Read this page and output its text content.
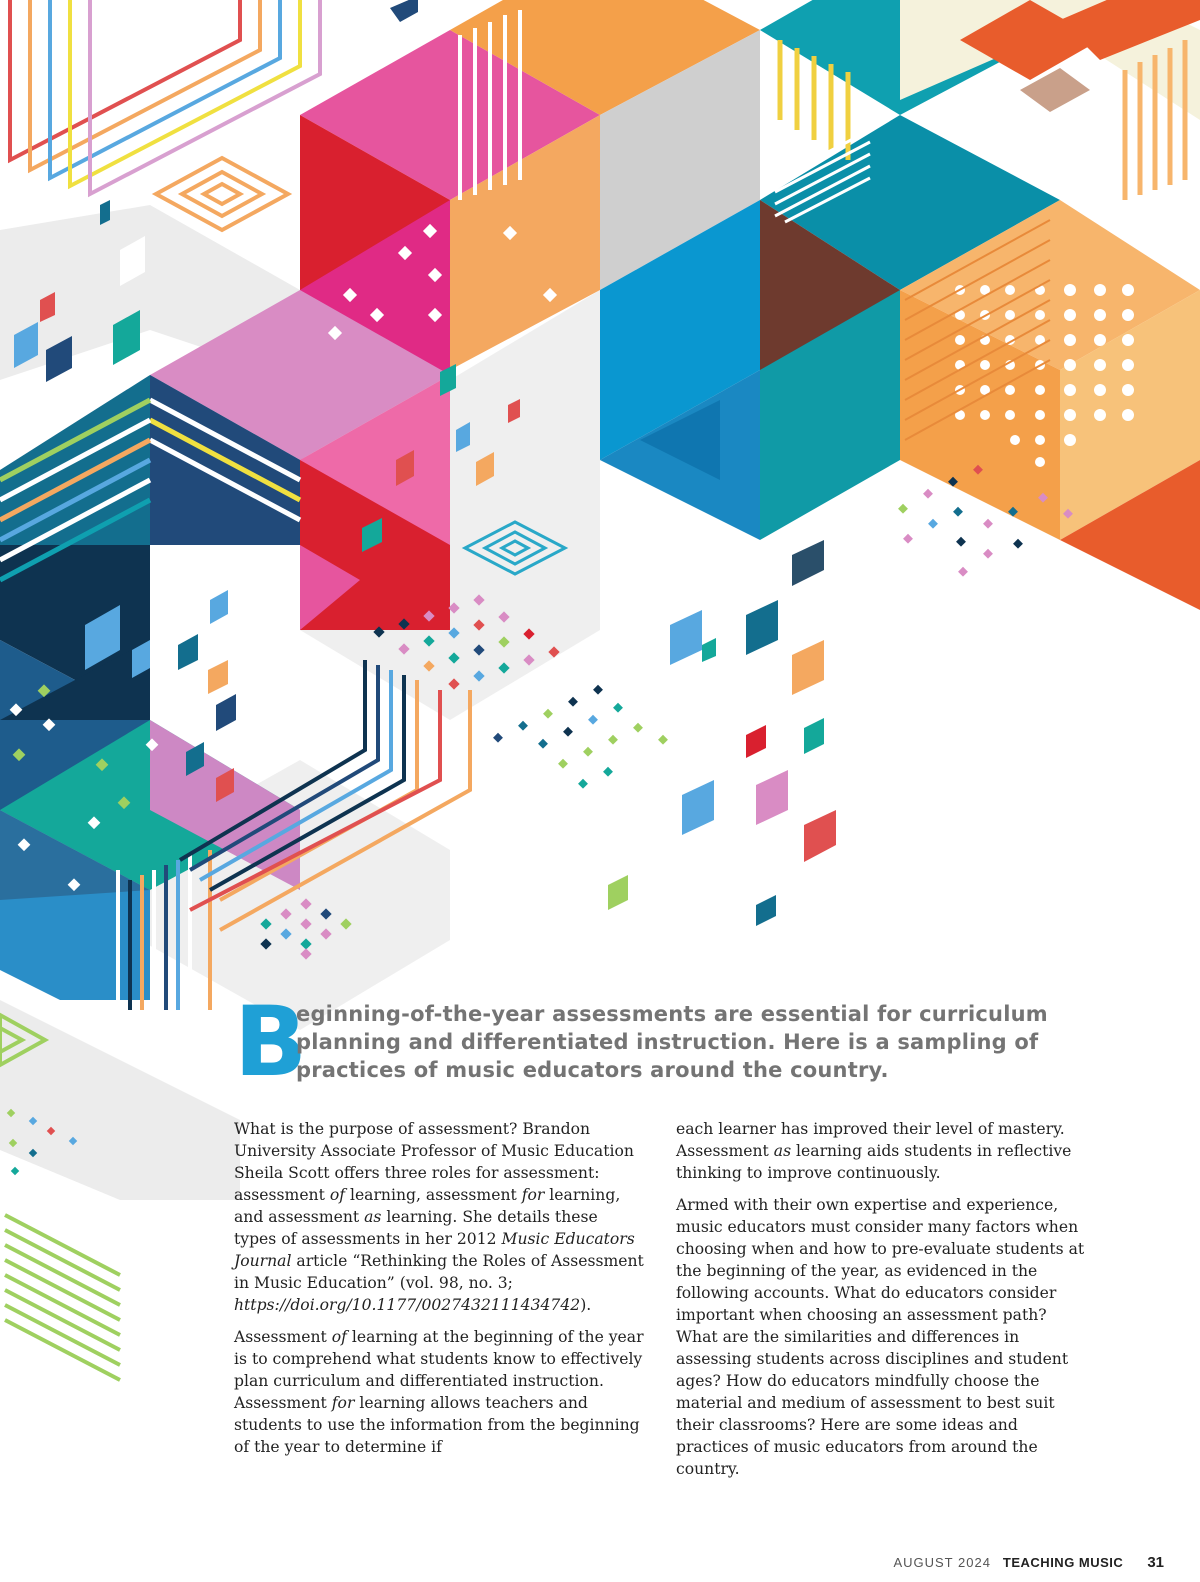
B
eginning-of-the-year assessments are essential for curriculum planning and differentiated instruction. Here is a sampling of practices of music educators around the country.

What is the purpose of assessment? Brandon University Associate Professor of Music Education Sheila Scott offers three roles for assessment: assessment of learning, assessment for learning, and assessment as learning. She details these types of assessments in her 2012 Music Educators Journal article “Rethinking the Roles of Assessment in Music Education” (vol. 98, no. 3; https://doi.org/10.1177/0027432111434742).

Assessment of learning at the beginning of the year is to comprehend what students know to effectively plan curriculum and differentiated instruction. Assessment for learning allows teachers and students to use the information from the beginning of the year to determine if

each learner has improved their level of mastery. Assessment as learning aids students in reflective thinking to improve continuously.

Armed with their own expertise and experience, music educators must consider many factors when choosing when and how to pre-evaluate students at the beginning of the year, as evidenced in the following accounts. What do educators consider important when choosing an assessment path? What are the similarities and differences in assessing students across disciplines and student ages? How do educators mindfully choose the material and medium of assessment to best suit their classrooms? Here are some ideas and practices of music educators from around the country.

AUGUST 2024 TEACHING MUSIC 31
